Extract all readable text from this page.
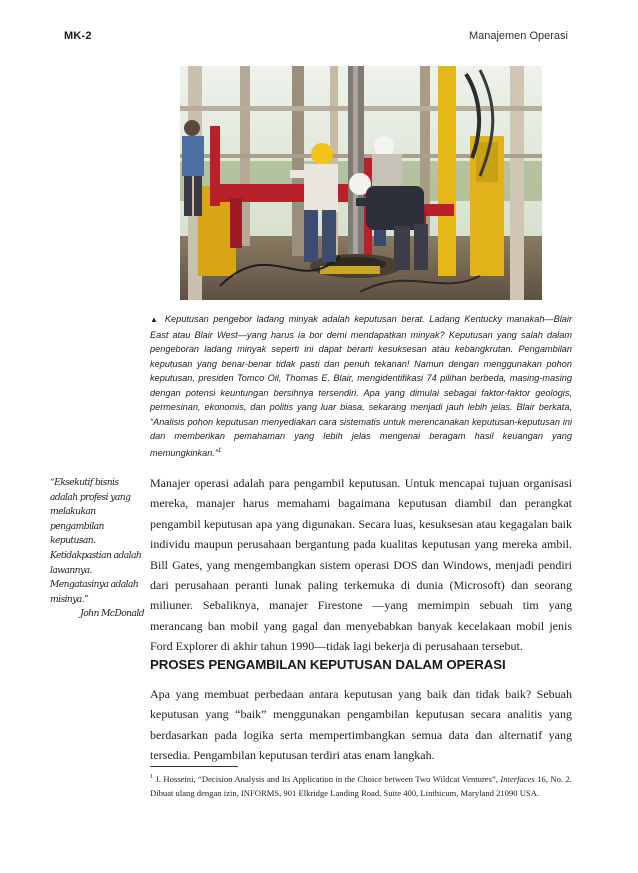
MK-2	Manajemen Operasi
▲ Keputusan pengebor ladang minyak adalah keputusan berat. Ladang Kentucky manakah—Blair East atau Blair West—yang harus ia bor demi mendapatkan minyak? Keputusan yang salah dalam pengeboran ladang minyak seperti ini dapat berarti kesuksesan atau kebangkrutan. Pengambilan keputusan yang benar-benar tidak pasti dan penuh tekanan! Namun dengan menggunakan pohon keputusan, presiden Tomco Oil, Thomas E. Blair, mengidentifikasi 74 pilihan berbeda, masing-masing dengan potensi keuntungan bersihnya tersendiri. Apa yang dimulai sebagai faktor-faktor geologis, permesinan, ekonomis, dan politis yang luar biasa, sekarang menjadi jauh lebih jelas. Blair berkata, “Analisis pohon keputusan menyediakan cara sistematis untuk merencanakan keputusan-keputusan ini dan memberikan pemahaman yang lebih jelas mengenai beragam hasil keuangan yang memungkinkan.”$^1$
“Eksekutif bisnis adalah profesi yang melakukan pengambilan keputusan. Ketidakpastian adalah lawannya. Mengatasinya adalah misinya.”
John McDonald
Manajer operasi adalah para pengambil keputusan. Untuk mencapai tujuan organisasi mereka, manajer harus memahami bagaimana keputusan diambil dan perangkat pengambil keputusan apa yang digunakan. Secara luas, kesuksesan atau kegagalan baik individu maupun perusahaan bergantung pada kualitas keputusan yang mereka ambil. Bill Gates, yang mengembangkan sistem operasi DOS dan Windows, menjadi pendiri dari perusahaan peranti lunak paling terkemuka di dunia (Microsoft) dan seorang miliuner. Sebaliknya, manajer Firestone —yang memimpin sebuah tim yang merancang ban mobil yang gagal dan menyebabkan banyak kecelakaan mobil jenis Ford Explorer di akhir tahun 1990—tidak lagi bekerja di perusahaan tersebut.
PROSES PENGAMBILAN KEPUTUSAN DALAM OPERASI
Apa yang membuat perbedaan antara keputusan yang baik dan tidak baik? Sebuah keputusan yang “baik” menggunakan pengambilan keputusan secara analitis yang berdasarkan pada logika serta mempertimbangkan semua data dan alternatif yang tersedia. Pengambilan keputusan terdiri atas enam langkah.
$^1$ J. Hosseini, “Decision Analysis and Its Application in the Choice between Two Wildcat Ventures”, Interfaces 16, No. 2. Dibuat ulang dengan izin, INFORMS, 901 Elkridge Landing Road, Suite 400, Linthicum, Maryland 21090 USA.
